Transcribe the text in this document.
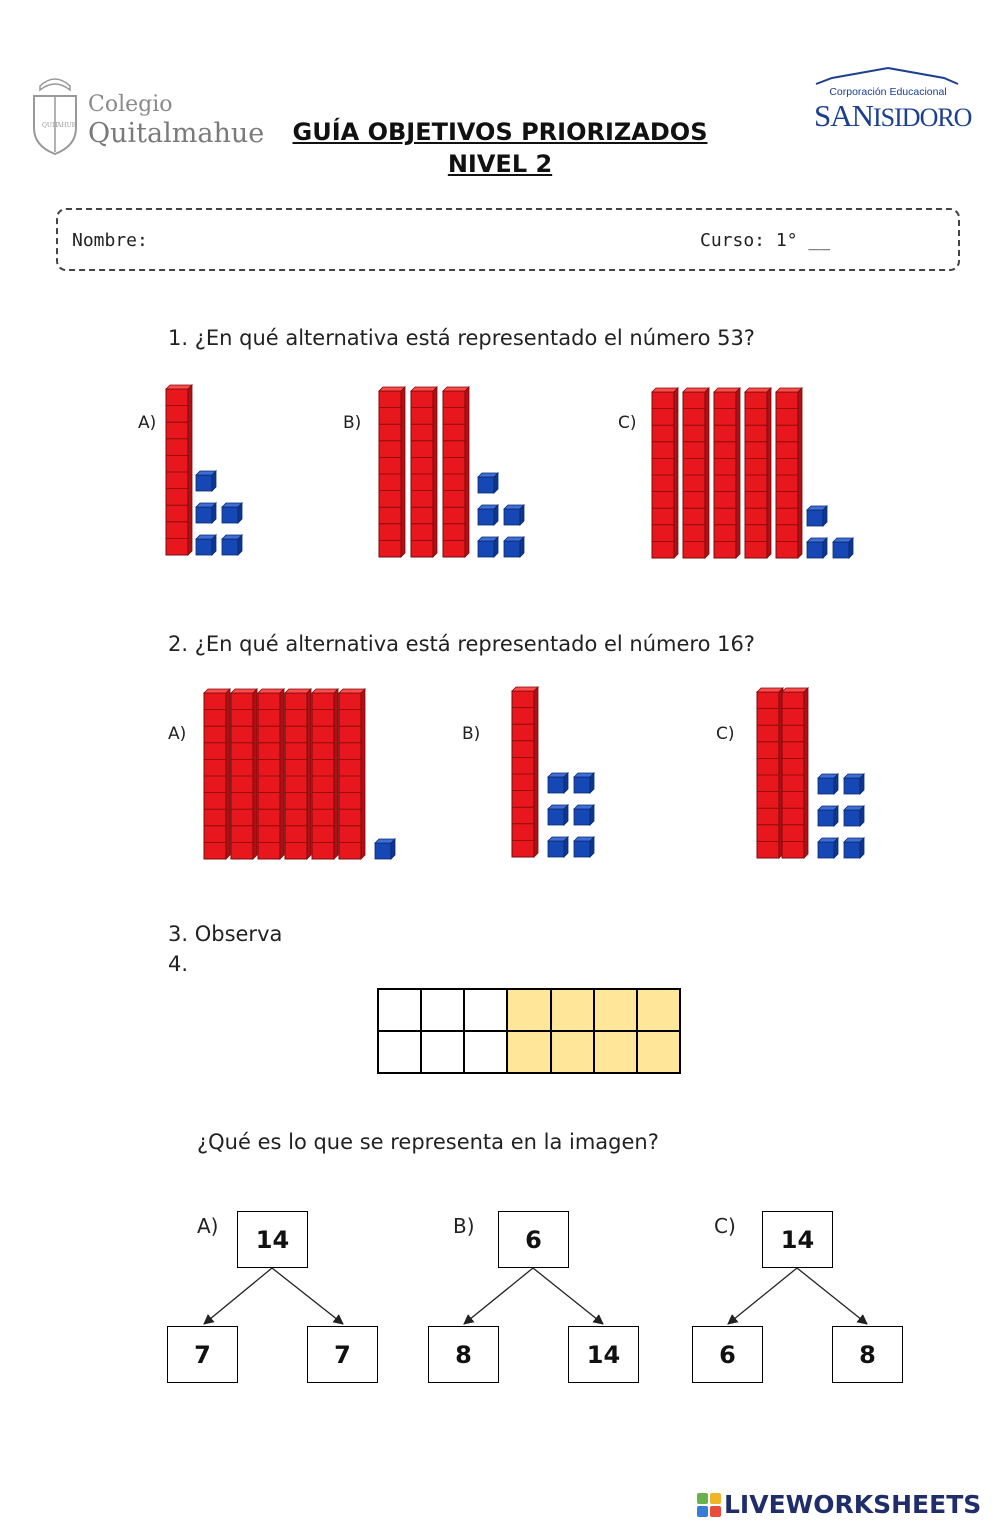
QUIT
AHUE
Colegio
Quitalmahue	GUÍA OBJETIVOS PRIORIZADOS
NIVEL 2
Corporación Educacional
SANISIDORO
Nombre:	Curso: 1° __
1. ¿En qué alternativa está representado el número 53?
A)	B)	C)
2. ¿En qué alternativa está representado el número 16?
A)	B)	C)
3. Observa
4.
¿Qué es lo que se representa en la imagen?
A)	14
7	7
B)	6
8	14
C)	14
6	8
LIVEWORKSHEETS
